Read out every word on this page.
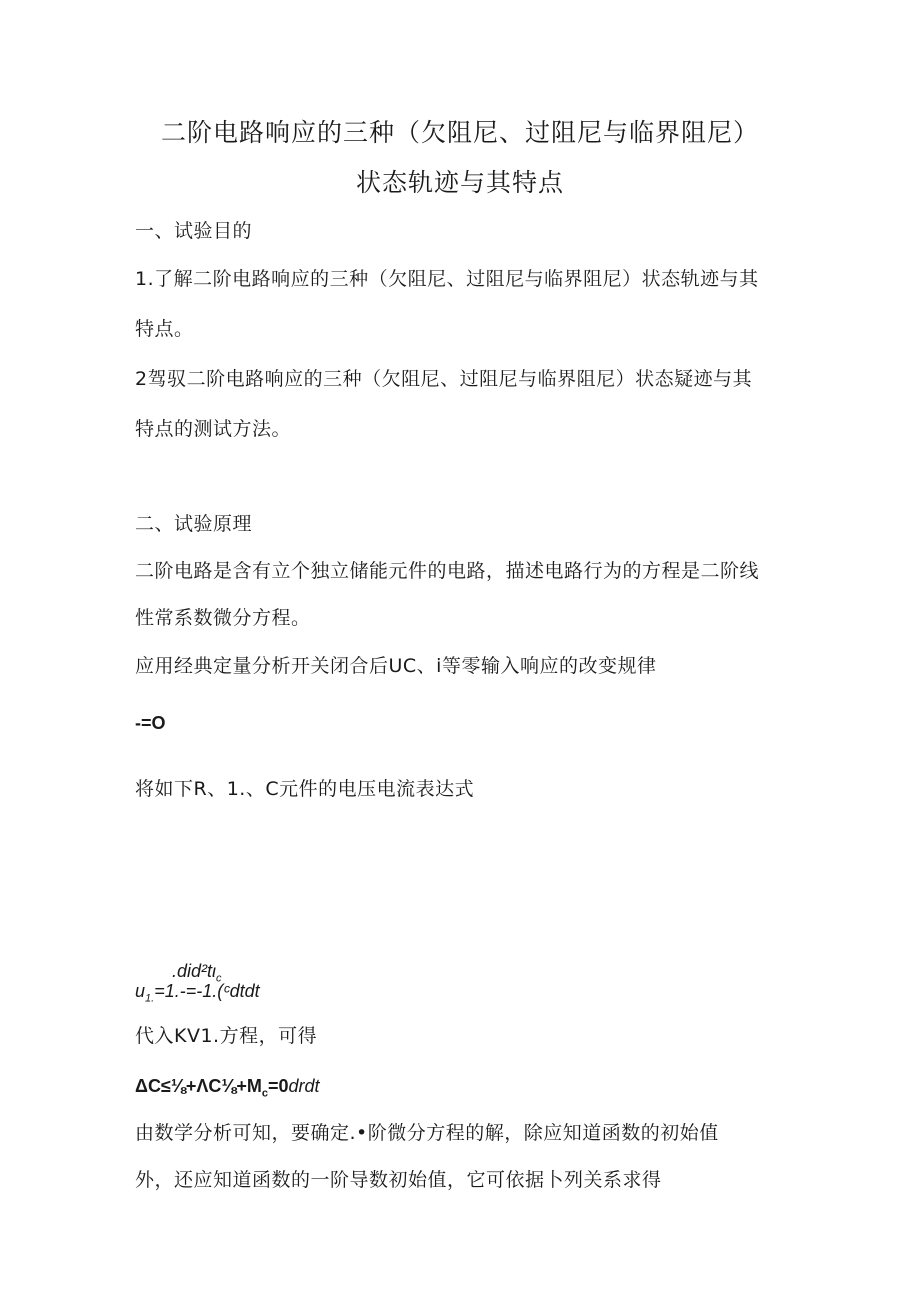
二阶电路响应的三种（欠阻尼、过阻尼与临界阻尼）
状态轨迹与其特点
一、试验目的
1.了解二阶电路响应的三种（欠阻尼、过阻尼与临界阻尼）状态轨迹与其
特点。
2驾驭二阶电路响应的三种（欠阻尼、过阻尼与临界阻尼）状态疑迹与其
特点的测试方法。
二、试验原理
二阶电路是含有立个独立储能元件的电路，描述电路行为的方程是二阶线
性常系数微分方程。
应用经典定量分析开关闭合后UC、i等零输入响应的改变规律
-=O
将如下R、1.、C元件的电压电流表达式
$.did^2t\iota_c$
$u_{1.}=1.-=-1.(ᶜdtdt$
代入KV1.方程，可得
$\Delta C\le\frac{1}{8}+\Lambda C\frac{1}{8}+M_c=0drdt$
由数学分析可知，要确定.•阶微分方程的解，除应知道函数的初始值
外，还应知道函数的一阶导数初始值，它可依据卜列关系求得
